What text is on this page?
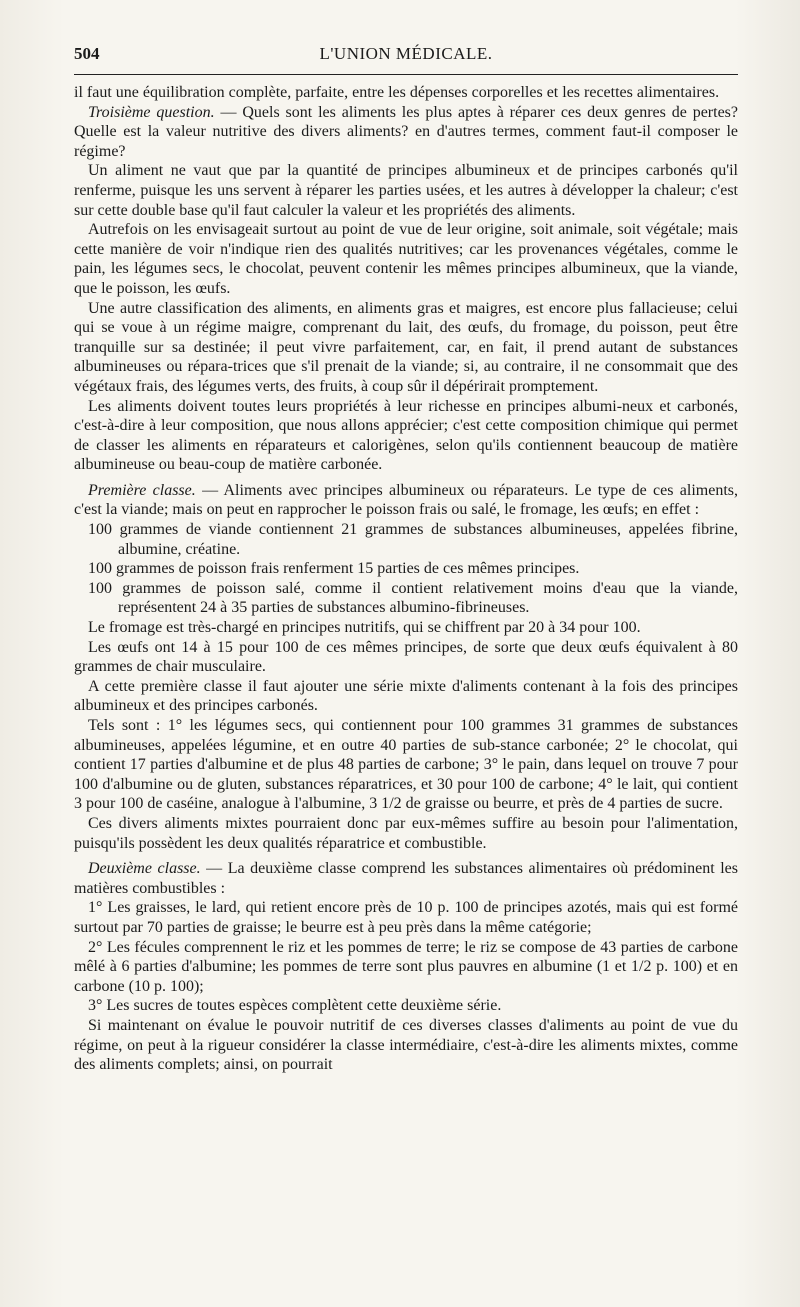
504	L'UNION MÉDICALE.

il faut une équilibration complète, parfaite, entre les dépenses corporelles et les recettes alimentaires.

Troisième question. — Quels sont les aliments les plus aptes à réparer ces deux genres de pertes? Quelle est la valeur nutritive des divers aliments? en d'autres termes, comment faut-il composer le régime?

Un aliment ne vaut que par la quantité de principes albumineux et de principes carbonés qu'il renferme, puisque les uns servent à réparer les parties usées, et les autres à développer la chaleur; c'est sur cette double base qu'il faut calculer la valeur et les propriétés des aliments.

Autrefois on les envisageait surtout au point de vue de leur origine, soit animale, soit végétale; mais cette manière de voir n'indique rien des qualités nutritives; car les provenances végétales, comme le pain, les légumes secs, le chocolat, peuvent contenir les mêmes principes albumineux, que la viande, que le poisson, les œufs.

Une autre classification des aliments, en aliments gras et maigres, est encore plus fallacieuse; celui qui se voue à un régime maigre, comprenant du lait, des œufs, du fromage, du poisson, peut être tranquille sur sa destinée; il peut vivre parfaitement, car, en fait, il prend autant de substances albumineuses ou répara-trices que s'il prenait de la viande; si, au contraire, il ne consommait que des végétaux frais, des légumes verts, des fruits, à coup sûr il dépérirait promptement.

Les aliments doivent toutes leurs propriétés à leur richesse en principes albumi-neux et carbonés, c'est-à-dire à leur composition, que nous allons apprécier; c'est cette composition chimique qui permet de classer les aliments en réparateurs et calorigènes, selon qu'ils contiennent beaucoup de matière albumineuse ou beau-coup de matière carbonée.

Première classe. — Aliments avec principes albumineux ou réparateurs. Le type de ces aliments, c'est la viande; mais on peut en rapprocher le poisson frais ou salé, le fromage, les œufs; en effet :

100 grammes de viande contiennent 21 grammes de substances albumineuses, appelées fibrine, albumine, créatine.

100 grammes de poisson frais renferment 15 parties de ces mêmes principes.

100 grammes de poisson salé, comme il contient relativement moins d'eau que la viande, représentent 24 à 35 parties de substances albumino-fibrineuses.

Le fromage est très-chargé en principes nutritifs, qui se chiffrent par 20 à 34 pour 100.

Les œufs ont 14 à 15 pour 100 de ces mêmes principes, de sorte que deux œufs équivalent à 80 grammes de chair musculaire.

A cette première classe il faut ajouter une série mixte d'aliments contenant à la fois des principes albumineux et des principes carbonés.

Tels sont : 1° les légumes secs, qui contiennent pour 100 grammes 31 grammes de substances albumineuses, appelées légumine, et en outre 40 parties de sub-stance carbonée; 2° le chocolat, qui contient 17 parties d'albumine et de plus 48 parties de carbone; 3° le pain, dans lequel on trouve 7 pour 100 d'albumine ou de gluten, substances réparatrices, et 30 pour 100 de carbone; 4° le lait, qui contient 3 pour 100 de caséine, analogue à l'albumine, 3 1/2 de graisse ou beurre, et près de 4 parties de sucre.

Ces divers aliments mixtes pourraient donc par eux-mêmes suffire au besoin pour l'alimentation, puisqu'ils possèdent les deux qualités réparatrice et combustible.

Deuxième classe. — La deuxième classe comprend les substances alimentaires où prédominent les matières combustibles :

1° Les graisses, le lard, qui retient encore près de 10 p. 100 de principes azotés, mais qui est formé surtout par 70 parties de graisse; le beurre est à peu près dans la même catégorie;

2° Les fécules comprennent le riz et les pommes de terre; le riz se compose de 43 parties de carbone mêlé à 6 parties d'albumine; les pommes de terre sont plus pauvres en albumine (1 et 1/2 p. 100) et en carbone (10 p. 100);

3° Les sucres de toutes espèces complètent cette deuxième série.

Si maintenant on évalue le pouvoir nutritif de ces diverses classes d'aliments au point de vue du régime, on peut à la rigueur considérer la classe intermédiaire, c'est-à-dire les aliments mixtes, comme des aliments complets; ainsi, on pourrait
